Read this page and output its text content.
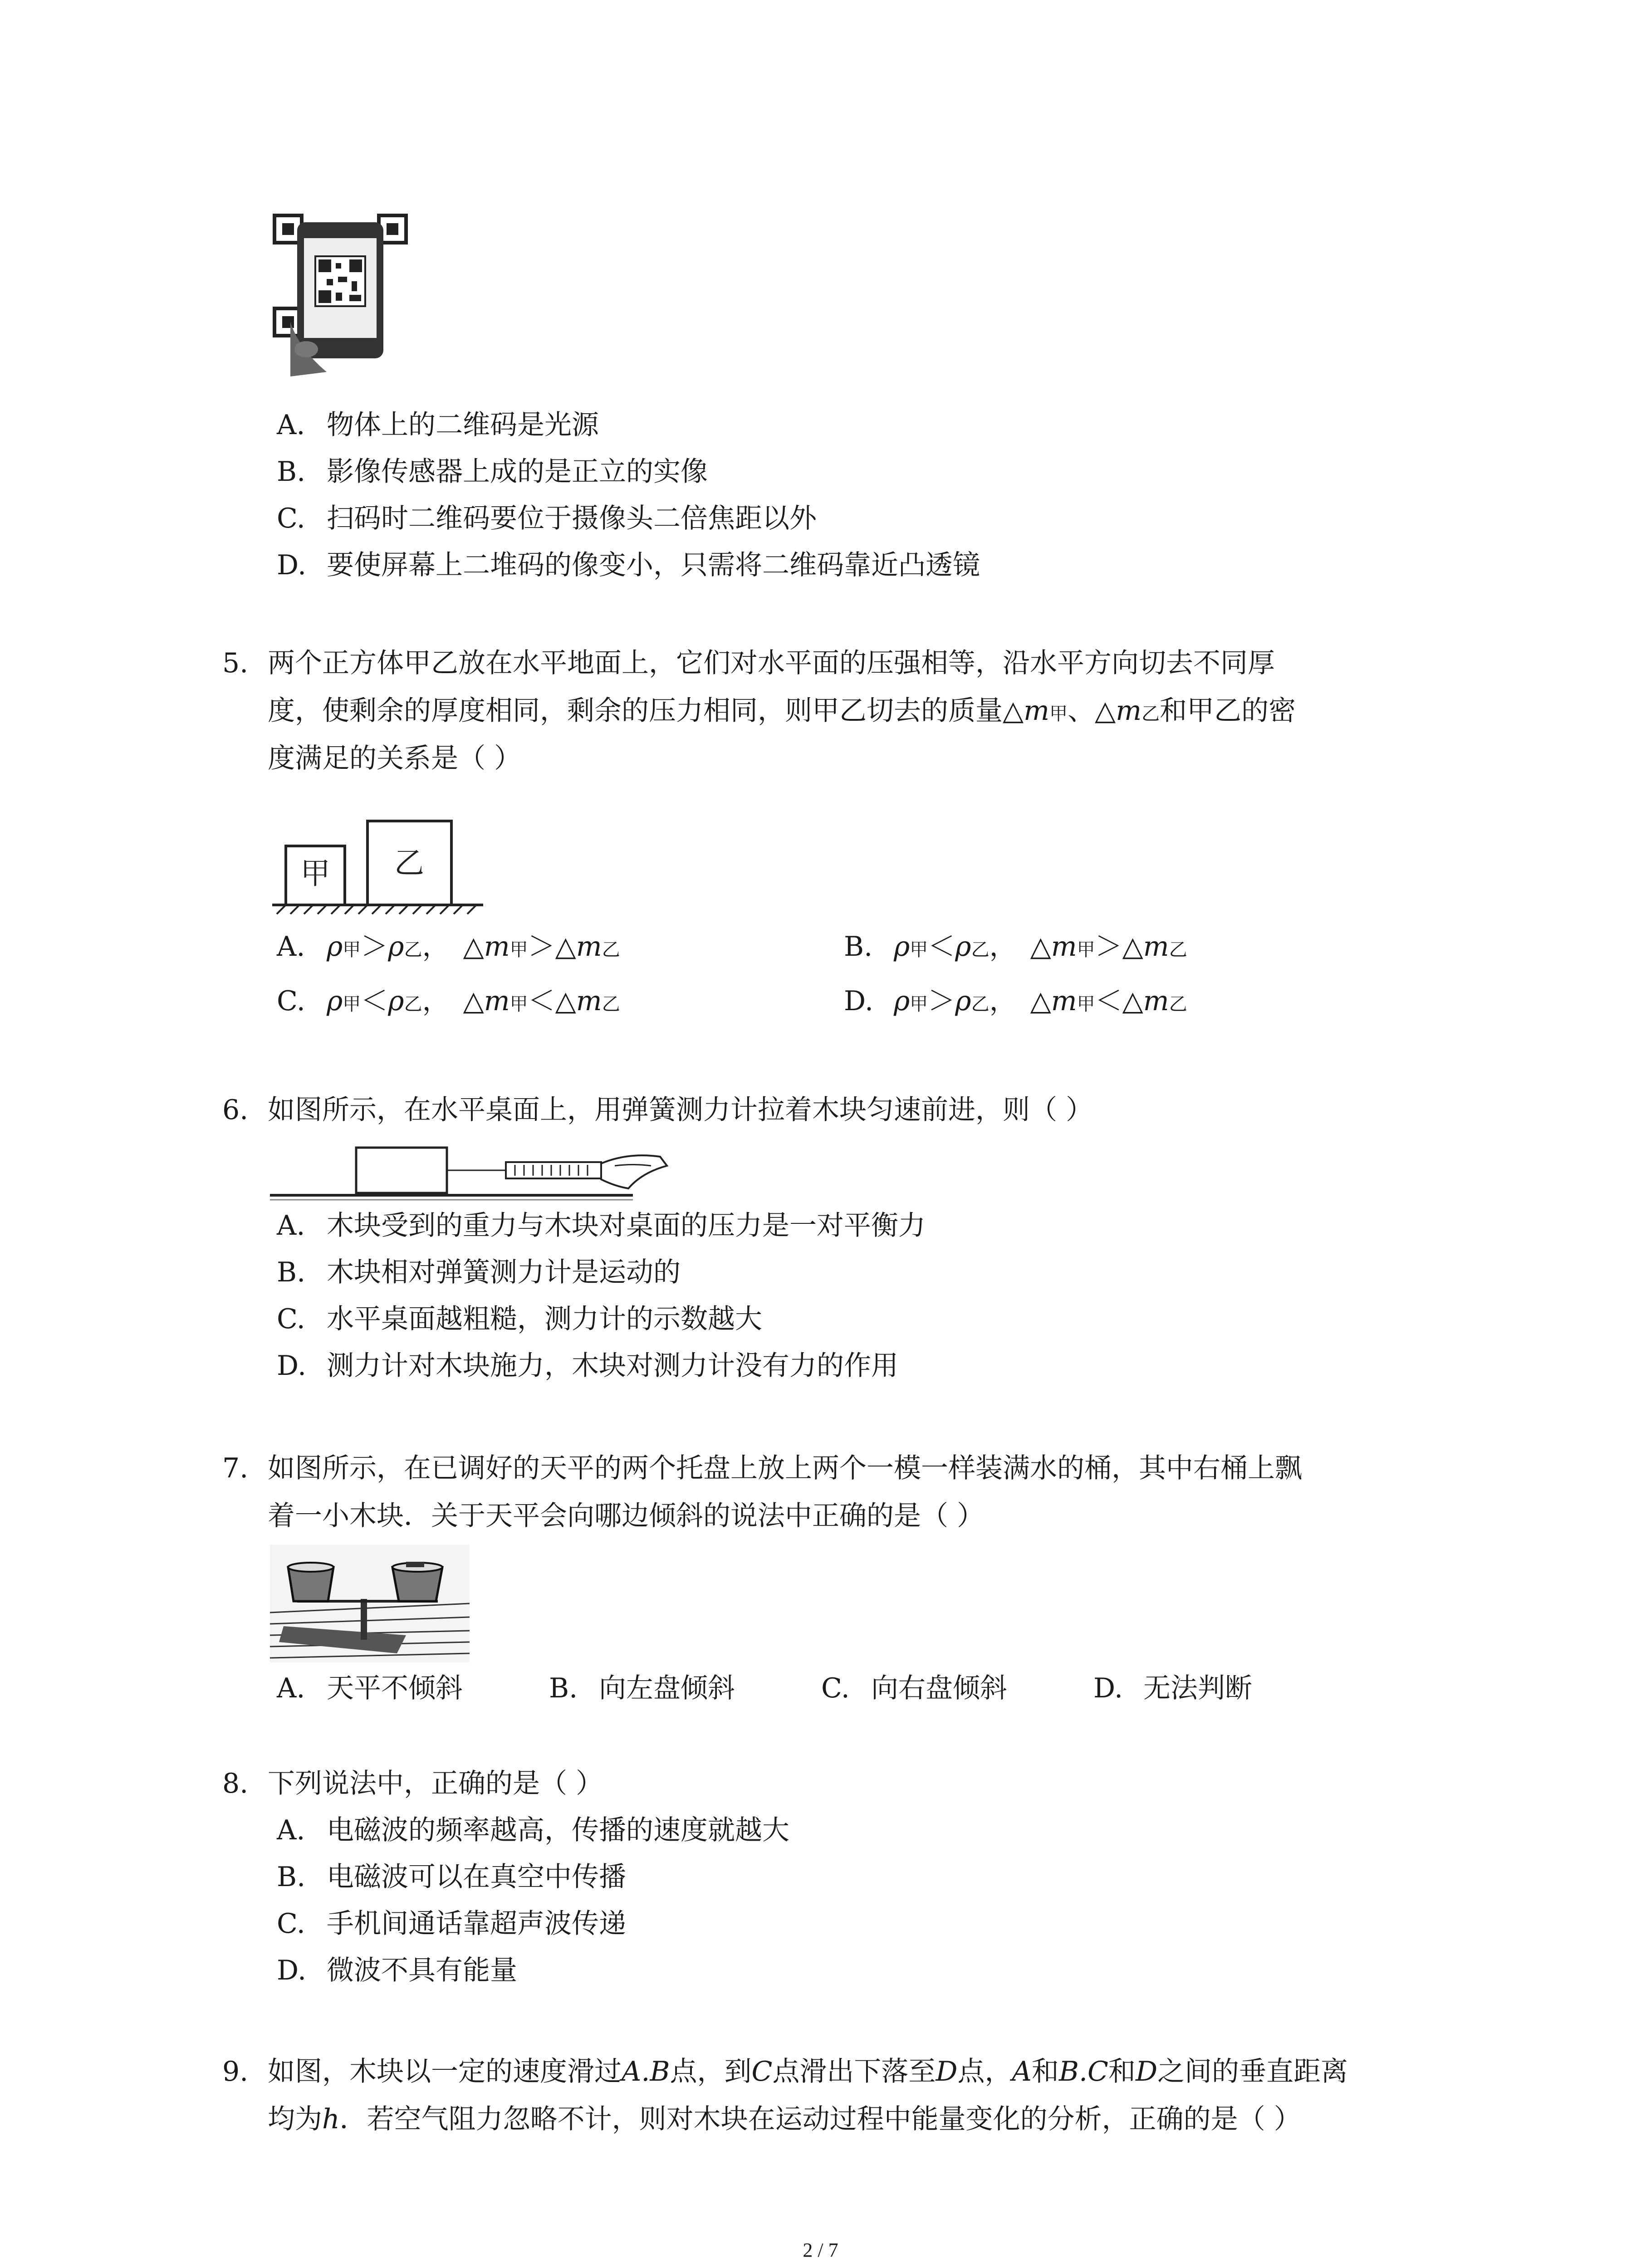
A. 物体上的二维码是光源
B. 影像传感器上成的是正立的实像
C. 扫码时二维码要位于摄像头二倍焦距以外
D. 要使屏幕上二堆码的像变小，只需将二维码靠近凸透镜
5. 两个正方体甲乙放在水平地面上，它们对水平面的压强相等，沿水平方向切去不同厚
度，使剩余的厚度相同，剩余的压力相同，则甲乙切去的质量△m甲、△m乙和甲乙的密
度满足的关系是（ ）
甲 乙
A. ρ甲＞ρ乙， △m甲＞△m乙	B. ρ甲＜ρ乙， △m甲＞△m乙
C. ρ甲＜ρ乙， △m甲＜△m乙	D. ρ甲＞ρ乙， △m甲＜△m乙
6. 如图所示，在水平桌面上，用弹簧测力计拉着木块匀速前进，则（ ）
A. 木块受到的重力与木块对桌面的压力是一对平衡力
B. 木块相对弹簧测力计是运动的
C. 水平桌面越粗糙，测力计的示数越大
D. 测力计对木块施力，木块对测力计没有力的作用
7. 如图所示，在已调好的天平的两个托盘上放上两个一模一样装满水的桶，其中右桶上飘
着一小木块．关于天平会向哪边倾斜的说法中正确的是（ ）
A. 天平不倾斜	B. 向左盘倾斜	C. 向右盘倾斜	D. 无法判断
8. 下列说法中，正确的是（ ）
A. 电磁波的频率越高，传播的速度就越大
B. 电磁波可以在真空中传播
C. 手机间通话靠超声波传递
D. 微波不具有能量
9. 如图，木块以一定的速度滑过A.B点，到C点滑出下落至D点，A和B.C和D之间的垂直距离
均为h．若空气阻力忽略不计，则对木块在运动过程中能量变化的分析，正确的是（ ）
2 / 7
